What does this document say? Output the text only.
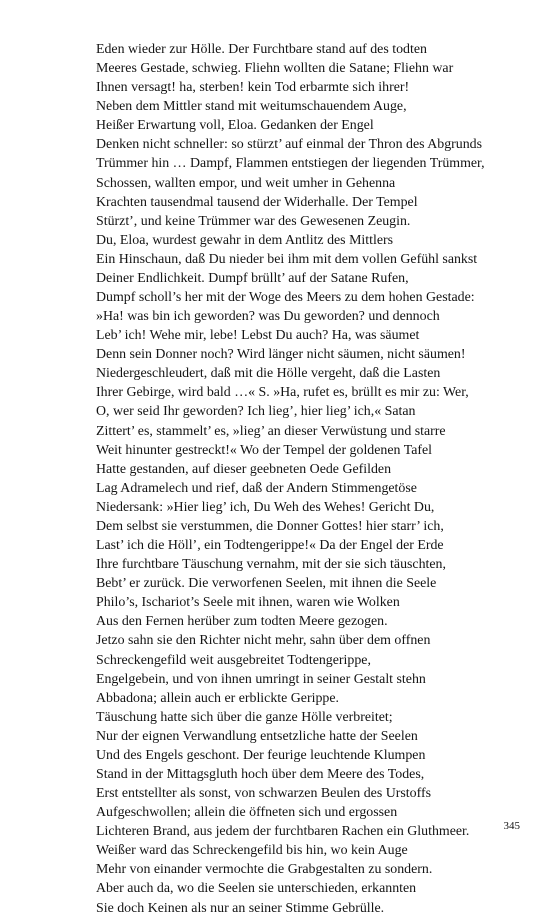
Eden wieder zur Hölle. Der Furchtbare stand auf des todten
Meeres Gestade, schwieg. Fliehn wollten die Satane; Fliehn war
Ihnen versagt! ha, sterben! kein Tod erbarmte sich ihrer!
Neben dem Mittler stand mit weitumschauendem Auge,
Heißer Erwartung voll, Eloa. Gedanken der Engel
Denken nicht schneller: so stürzt’ auf einmal der Thron des Abgrunds
Trümmer hin … Dampf, Flammen entstiegen der liegenden Trümmer,
Schossen, wallten empor, und weit umher in Gehenna
Krachten tausendmal tausend der Widerhalle. Der Tempel
Stürzt’, und keine Trümmer war des Gewesenen Zeugin.
Du, Eloa, wurdest gewahr in dem Antlitz des Mittlers
Ein Hinschaun, daß Du nieder bei ihm mit dem vollen Gefühl sankst
Deiner Endlichkeit. Dumpf brüllt’ auf der Satane Rufen,
Dumpf scholl’s her mit der Woge des Meers zu dem hohen Gestade:
»Ha! was bin ich geworden? was Du geworden? und dennoch
Leb’ ich! Wehe mir, lebe! Lebst Du auch? Ha, was säumet
Denn sein Donner noch? Wird länger nicht säumen, nicht säumen!
Niedergeschleudert, daß mit die Hölle vergeht, daß die Lasten
Ihrer Gebirge, wird bald …« S. »Ha, rufet es, brüllt es mir zu: Wer,
O, wer seid Ihr geworden? Ich lieg’, hier lieg’ ich,« Satan
Zittert’ es, stammelt’ es, »lieg’ an dieser Verwüstung und starre
Weit hinunter gestreckt!« Wo der Tempel der goldenen Tafel
Hatte gestanden, auf dieser geebneten Oede Gefilden
Lag Adramelech und rief, daß der Andern Stimmengetöse
Niedersank: »Hier lieg’ ich, Du Weh des Wehes! Gericht Du,
Dem selbst sie verstummen, die Donner Gottes! hier starr’ ich,
Last’ ich die Höll’, ein Todtengerippe!« Da der Engel der Erde
Ihre furchtbare Täuschung vernahm, mit der sie sich täuschten,
Bebt’ er zurück. Die verworfenen Seelen, mit ihnen die Seele
Philo’s, Ischariot’s Seele mit ihnen, waren wie Wolken
Aus den Fernen herüber zum todten Meere gezogen.
Jetzo sahn sie den Richter nicht mehr, sahn über dem offnen
Schreckengefild weit ausgebreitet Todtengerippe,
Engelgebein, und von ihnen umringt in seiner Gestalt stehn
Abbadona; allein auch er erblickte Gerippe.
Täuschung hatte sich über die ganze Hölle verbreitet;
Nur der eignen Verwandlung entsetzliche hatte der Seelen
Und des Engels geschont. Der feurige leuchtende Klumpen
Stand in der Mittagsgluth hoch über dem Meere des Todes,
Erst entstellter als sonst, von schwarzen Beulen des Urstoffs
Aufgeschwollen; allein die öffneten sich und ergossen
Lichteren Brand, aus jedem der furchtbaren Rachen ein Gluthmeer.
Weißer ward das Schreckengefild bis hin, wo kein Auge
Mehr von einander vermochte die Grabgestalten zu sondern.
Aber auch da, wo die Seelen sie unterschieden, erkannten
Sie doch Keinen als nur an seiner Stimme Gebrülle.
345
